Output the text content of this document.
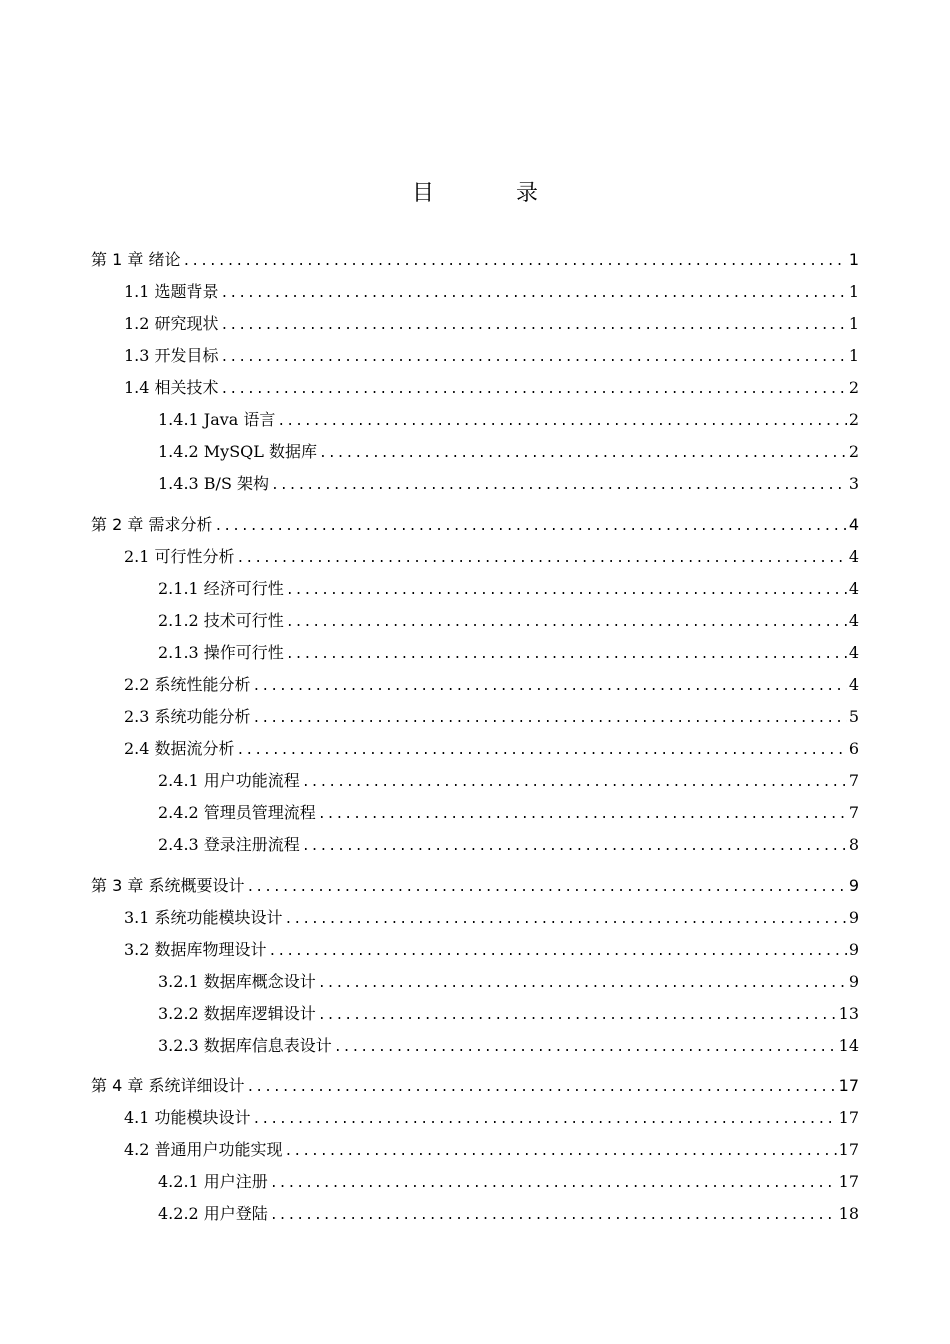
目　录
第 1 章 绪论 .....	1
1.1 选题背景 .....	1
1.2 研究现状 .....	1
1.3 开发目标 .....	1
1.4 相关技术 .....	2
1.4.1 Java 语言 .....	2
1.4.2 MySQL 数据库 .....	2
1.4.3 B/S 架构 .....	3
第 2 章 需求分析 .....	4
2.1 可行性分析 .....	4
2.1.1 经济可行性 .....	4
2.1.2 技术可行性 .....	4
2.1.3 操作可行性 .....	4
2.2 系统性能分析 .....	4
2.3 系统功能分析 .....	5
2.4 数据流分析 .....	6
2.4.1 用户功能流程 .....	7
2.4.2 管理员管理流程 .....	7
2.4.3 登录注册流程 .....	8
第 3 章 系统概要设计 .....	9
3.1 系统功能模块设计 .....	9
3.2 数据库物理设计 .....	9
3.2.1 数据库概念设计 .....	9
3.2.2 数据库逻辑设计 .....	13
3.2.3 数据库信息表设计 .....	14
第 4 章 系统详细设计 .....	17
4.1 功能模块设计 .....	17
4.2 普通用户功能实现 .....	17
4.2.1 用户注册 .....	17
4.2.2 用户登陆 .....	18
